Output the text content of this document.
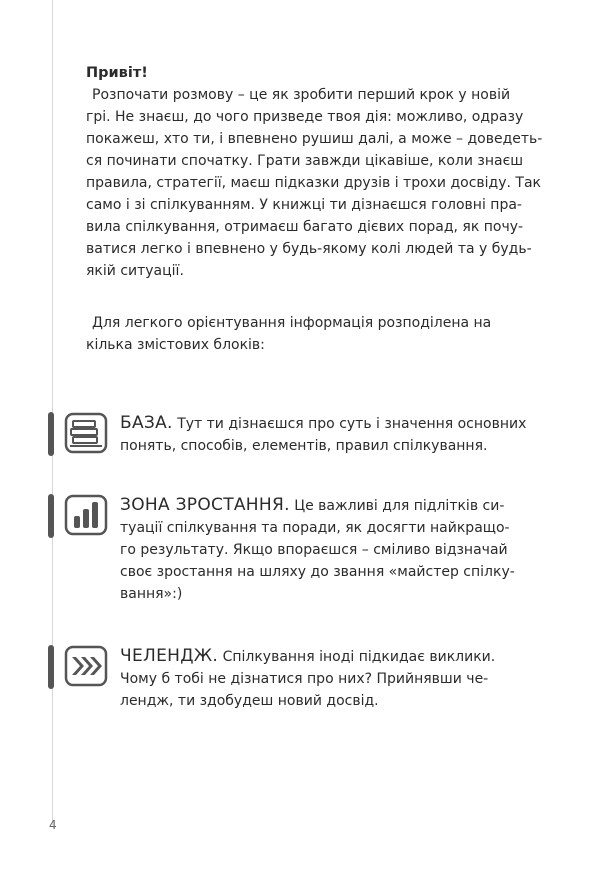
Привіт!

Розпочати розмову – це як зробити перший крок у новій
грі. Не знаєш, до чого призведе твоя дія: можливо, одразу
покажеш, хто ти, і впевнено рушиш далі, а може – доведеть-
ся починати спочатку. Грати завжди цікавіше, коли знаєш
правила, стратегії, маєш підказки друзів і трохи досвіду. Так
само і зі спілкуванням. У книжці ти дізнаєшся головні пра-
вила спілкування, отримаєш багато дієвих порад, як почу-
ватися легко і впевнено у будь-якому колі людей та у будь-
якій ситуації.
Для легкого орієнтування інформація розподілена на
кілька змістових блоків:
БАЗА. Тут ти дізнаєшся про суть і значення основних
понять, способів, елементів, правил спілкування.
ЗОНА ЗРОСТАННЯ. Це важливі для підлітків си-
туації спілкування та поради, як досягти найкращо-
го результату. Якщо впораєшся – сміливо відзначай
своє зростання на шляху до звання «майстер спілку-
вання»:)
ЧЕЛЕНДЖ. Спілкування іноді підкидає виклики.
Чому б тобі не дізнатися про них? Прийнявши че-
лендж, ти здобудеш новий досвід.
4
